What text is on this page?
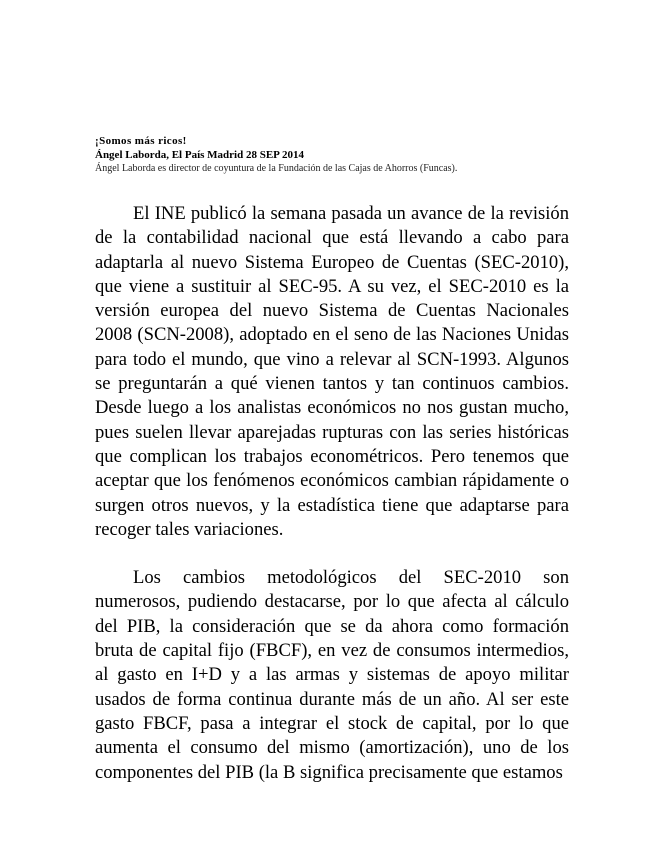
¡Somos más ricos!
Ángel Laborda, El País Madrid 28 SEP 2014
Ángel Laborda es director de coyuntura de la Fundación de las Cajas de Ahorros (Funcas).

El INE publicó la semana pasada un avance de la revisión de la contabilidad nacional que está llevando a cabo para adaptarla al nuevo Sistema Europeo de Cuentas (SEC-2010), que viene a sustituir al SEC-95. A su vez, el SEC-2010 es la versión europea del nuevo Sistema de Cuentas Nacionales 2008 (SCN-2008), adoptado en el seno de las Naciones Unidas para todo el mundo, que vino a relevar al SCN-1993. Algunos se preguntarán a qué vienen tantos y tan continuos cambios. Desde luego a los analistas económicos no nos gustan mucho, pues suelen llevar aparejadas rupturas con las series históricas que complican los trabajos econométricos. Pero tenemos que aceptar que los fenómenos económicos cambian rápidamente o surgen otros nuevos, y la estadística tiene que adaptarse para recoger tales variaciones.

Los cambios metodológicos del SEC-2010 son numerosos, pudiendo destacarse, por lo que afecta al cálculo del PIB, la consideración que se da ahora como formación bruta de capital fijo (FBCF), en vez de consumos intermedios, al gasto en I+D y a las armas y sistemas de apoyo militar usados de forma continua durante más de un año. Al ser este gasto FBCF, pasa a integrar el stock de capital, por lo que aumenta el consumo del mismo (amortización), uno de los componentes del PIB (la B significa precisamente que estamos
